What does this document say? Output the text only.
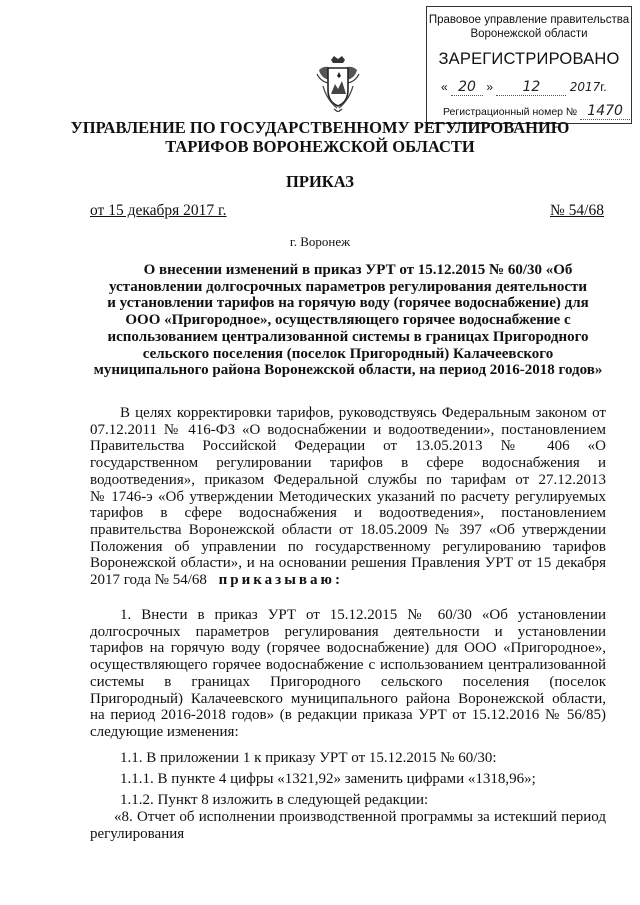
Правовое управление правительства
Воронежской области
ЗАРЕГИСТРИРОВАНО
« 20 » 12 2017г.
Регистрационный номер № 1470
УПРАВЛЕНИЕ ПО ГОСУДАРСТВЕННОМУ РЕГУЛИРОВАНИЮ
ТАРИФОВ ВОРОНЕЖСКОЙ ОБЛАСТИ
ПРИКАЗ
от 15 декабря 2017 г.	№ 54/68
г. Воронеж
О внесении изменений в приказ УРТ от 15.12.2015 № 60/30 «Об
установлении долгосрочных параметров регулирования деятельности
и установлении тарифов на горячую воду (горячее водоснабжение) для
ООО «Пригородное», осуществляющего горячее водоснабжение с
использованием централизованной системы в границах Пригородного
сельского поселения (поселок Пригородный) Калачеевского
муниципального района Воронежской области, на период 2016-2018 годов»
В целях корректировки тарифов, руководствуясь Федеральным законом от
07.12.2011 № 416-ФЗ «О водоснабжении и водоотведении», постановлением
Правительства Российской Федерации от 13.05.2013 № 406 «О
государственном регулировании тарифов в сфере водоснабжения и
водоотведения», приказом Федеральной службы по тарифам от 27.12.2013
№ 1746-э «Об утверждении Методических указаний по расчету регулируемых
тарифов в сфере водоснабжения и водоотведения», постановлением
правительства Воронежской области от 18.05.2009 № 397 «Об утверждении
Положения об управлении по государственному регулированию тарифов
Воронежской области», и на основании решения Правления УРТ от 15 декабря
2017 года № 54/68 приказываю:
1. Внести в приказ УРТ от 15.12.2015 № 60/30 «Об установлении
долгосрочных параметров регулирования деятельности и установлении
тарифов на горячую воду (горячее водоснабжение) для ООО «Пригородное»,
осуществляющего горячее водоснабжение с использованием централизованной
системы в границах Пригородного сельского поселения (поселок
Пригородный) Калачеевского муниципального района Воронежской области,
на период 2016-2018 годов» (в редакции приказа УРТ от 15.12.2016 № 56/85)
следующие изменения:
1.1. В приложении 1 к приказу УРТ от 15.12.2015 № 60/30:
1.1.1. В пункте 4 цифры «1321,92» заменить цифрами «1318,96»;
1.1.2. Пункт 8 изложить в следующей редакции:
«8. Отчет об исполнении производственной программы за истекший период
регулирования
